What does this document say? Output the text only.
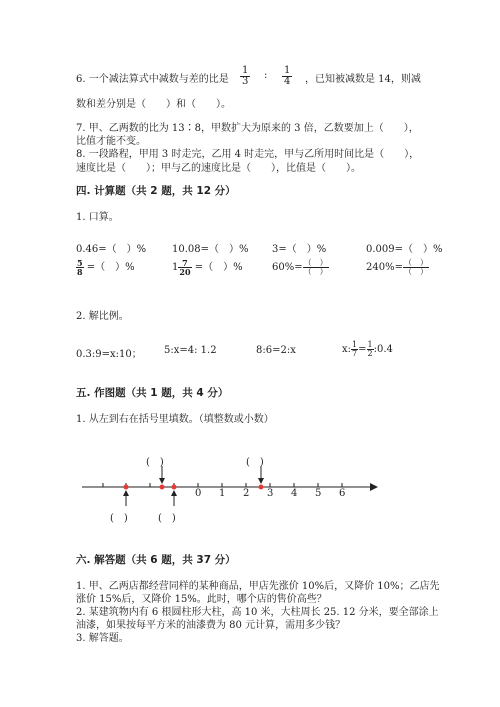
6. 一个减法算式中减数与差的比是 $\frac{1}{3}$ : $\frac{1}{4}$ ，已知被减数是 14，则减
数和差分别是（　　）和（　　）。
7. 甲、乙两数的比为 13∶8，甲数扩大为原来的 3 倍，乙数要加上（　　），
比值才能不变。
8. 一段路程，甲用 3 时走完，乙用 4 时走完，甲与乙所用时间比是（　　），
速度比是（　　）；甲与乙的速度比是（　　），比值是（　　）。
四. 计算题（共 2 题，共 12 分）
1. 口算。
0.46=（　）%	10.08=（　）% 3=（　）%	0.009=（　）%
$\frac{5}{8}$ =（　）%	$1 \frac{7}{20}$ =（　）%	$60\%= \frac{( )}{( )}$	$240\%= \frac{( )}{( )}$
2. 解比例。
0.3:9=x:10； 5:x=4: 1.2	8:6=2:x	x: $\frac{1}{7} = \frac{1}{2}$ :0.4
五. 作图题（共 1 题，共 4 分）
1. 从左到右在括号里填数。（填整数或小数）
0 1 2 3 4 5 6
(　)	(　)
(　)	(　)
六. 解答题（共 6 题，共 37 分）
1. 甲、乙两店都经营同样的某种商品，甲店先涨价 10%后，又降价 10%；乙店先
涨价 15%后，又降价 15%。此时，哪个店的售价高些？
2. 某建筑物内有 6 根圆柱形大柱，高 10 米，大柱周长 25. 12 分米，要全部涂上
油漆，如果按每平方米的油漆费为 80 元计算，需用多少钱？
3. 解答题。
